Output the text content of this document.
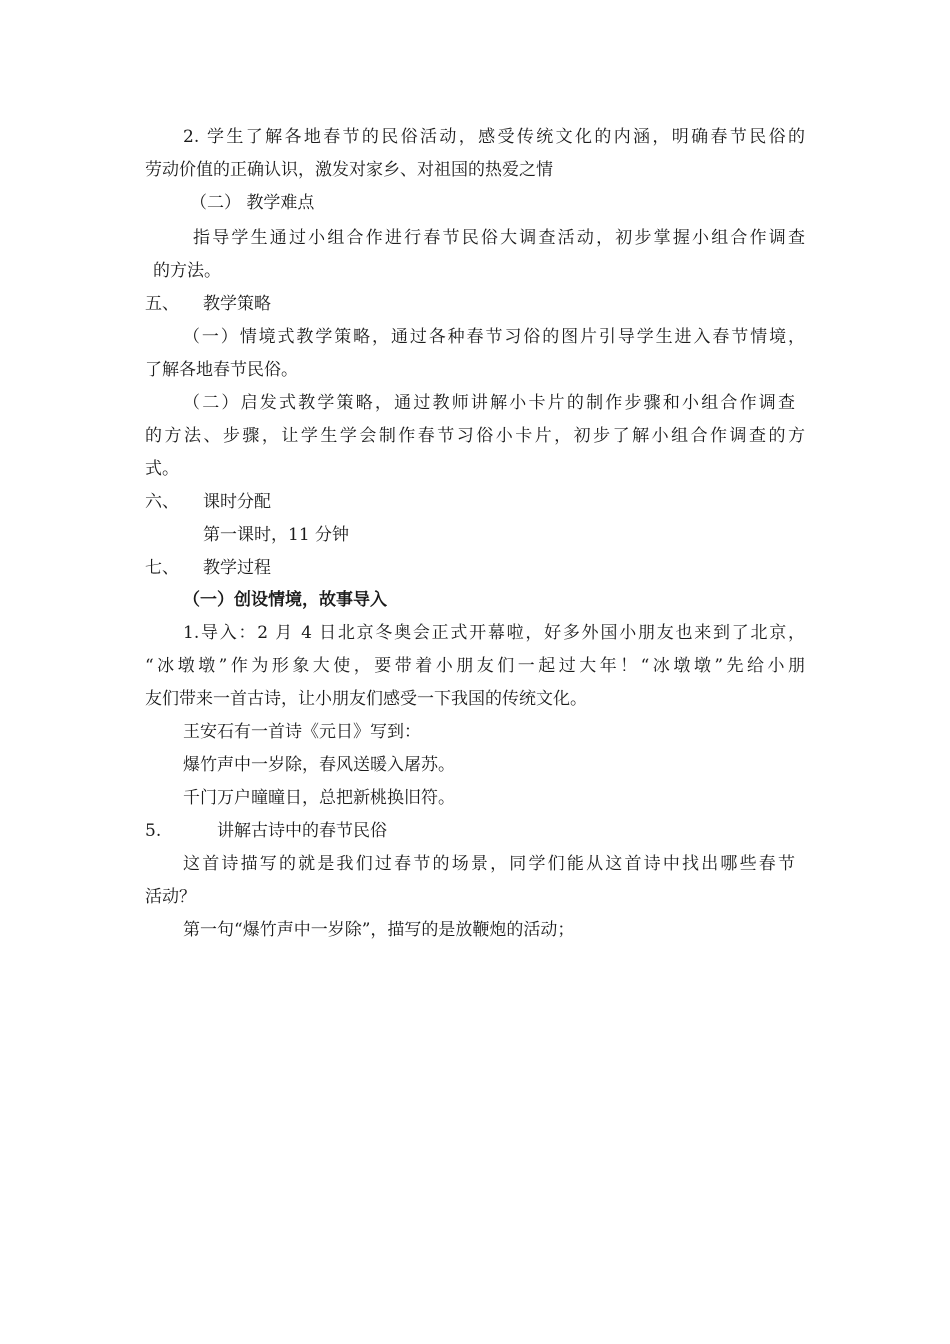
2. 学生了解各地春节的民俗活动，感受传统文化的内涵，明确春节民俗的
劳动价值的正确认识，激发对家乡、对祖国的热爱之情
（二） 教学难点
指导学生通过小组合作进行春节民俗大调查活动，初步掌握小组合作调查
的方法。
五、 教学策略
（一）情境式教学策略，通过各种春节习俗的图片引导学生进入春节情境，
了解各地春节民俗。
（二）启发式教学策略，通过教师讲解小卡片的制作步骤和小组合作调查
的方法、步骤，让学生学会制作春节习俗小卡片，初步了解小组合作调查的方
式。
六、 课时分配
第一课时，11 分钟
七、 教学过程
（一）创设情境，故事导入
1.导入：2 月 4 日北京冬奥会正式开幕啦，好多外国小朋友也来到了北京，
“冰墩墩”作为形象大使，要带着小朋友们一起过大年！“冰墩墩”先给小朋
友们带来一首古诗，让小朋友们感受一下我国的传统文化。
王安石有一首诗《元日》写到：
爆竹声中一岁除，春风送暖入屠苏。
千门万户曈曈日，总把新桃换旧符。
5.	讲解古诗中的春节民俗
这首诗描写的就是我们过春节的场景，同学们能从这首诗中找出哪些春节
活动？
第一句“爆竹声中一岁除”，描写的是放鞭炮的活动；
